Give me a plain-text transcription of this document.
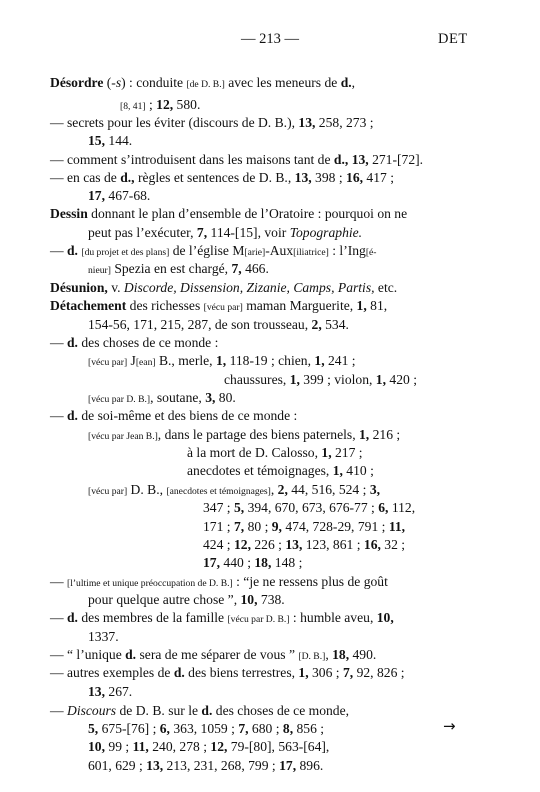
— 213 —	DET
Désordre (-s) : conduite [de D. B.] avec les meneurs de d.,
[8, 41] ; 12, 580.
— secrets pour les éviter (discours de D. B.), 13, 258, 273 ;
15, 144.
— comment s’introduisent dans les maisons tant de d., 13, 271-[72].
— en cas de d., règles et sentences de D. B., 13, 398 ; 16, 417 ;
17, 467-68.
Dessin donnant le plan d’ensemble de l’Oratoire : pourquoi on ne
peut pas l’exécuter, 7, 114-[15], voir Topographie.
— d. [du projet et des plans] de l’église M[arie]-Aux[iliatrice] : l’Ing[é-
nieur] Spezia en est chargé, 7, 466.
Désunion, v. Discorde, Dissension, Zizanie, Camps, Partis, etc.
Détachement des richesses [vécu par] maman Marguerite, 1, 81,
154-56, 171, 215, 287, de son trousseau, 2, 534.
— d. des choses de ce monde :
[vécu par] J[ean] B., merle, 1, 118-19 ; chien, 1, 241 ;
chaussures, 1, 399 ; violon, 1, 420 ;
[vécu par D. B.], soutane, 3, 80.
— d. de soi-même et des biens de ce monde :
[vécu par Jean B.], dans le partage des biens paternels, 1, 216 ;
à la mort de D. Calosso, 1, 217 ;
anecdotes et témoignages, 1, 410 ;
[vécu par] D. B., [anecdotes et témoignages], 2, 44, 516, 524 ; 3,
347 ; 5, 394, 670, 673, 676-77 ; 6, 112,
171 ; 7, 80 ; 9, 474, 728-29, 791 ; 11,
424 ; 12, 226 ; 13, 123, 861 ; 16, 32 ;
17, 440 ; 18, 148 ;
— [l’ultime et unique préoccupation de D. B.] : “je ne ressens plus de goût
pour quelque autre chose ”, 10, 738.
— d. des membres de la famille [vécu par D. B.] : humble aveu, 10,
1337.
— “ l’unique d. sera de me séparer de vous ” [D. B.], 18, 490.
— autres exemples de d. des biens terrestres, 1, 306 ; 7, 92, 826 ;
13, 267.
— Discours de D. B. sur le d. des choses de ce monde,
5, 675-[76] ; 6, 363, 1059 ; 7, 680 ; 8, 856 ;
10, 99 ; 11, 240, 278 ; 12, 79-[80], 563-[64],
601, 629 ; 13, 213, 231, 268, 799 ; 17, 896.
→
